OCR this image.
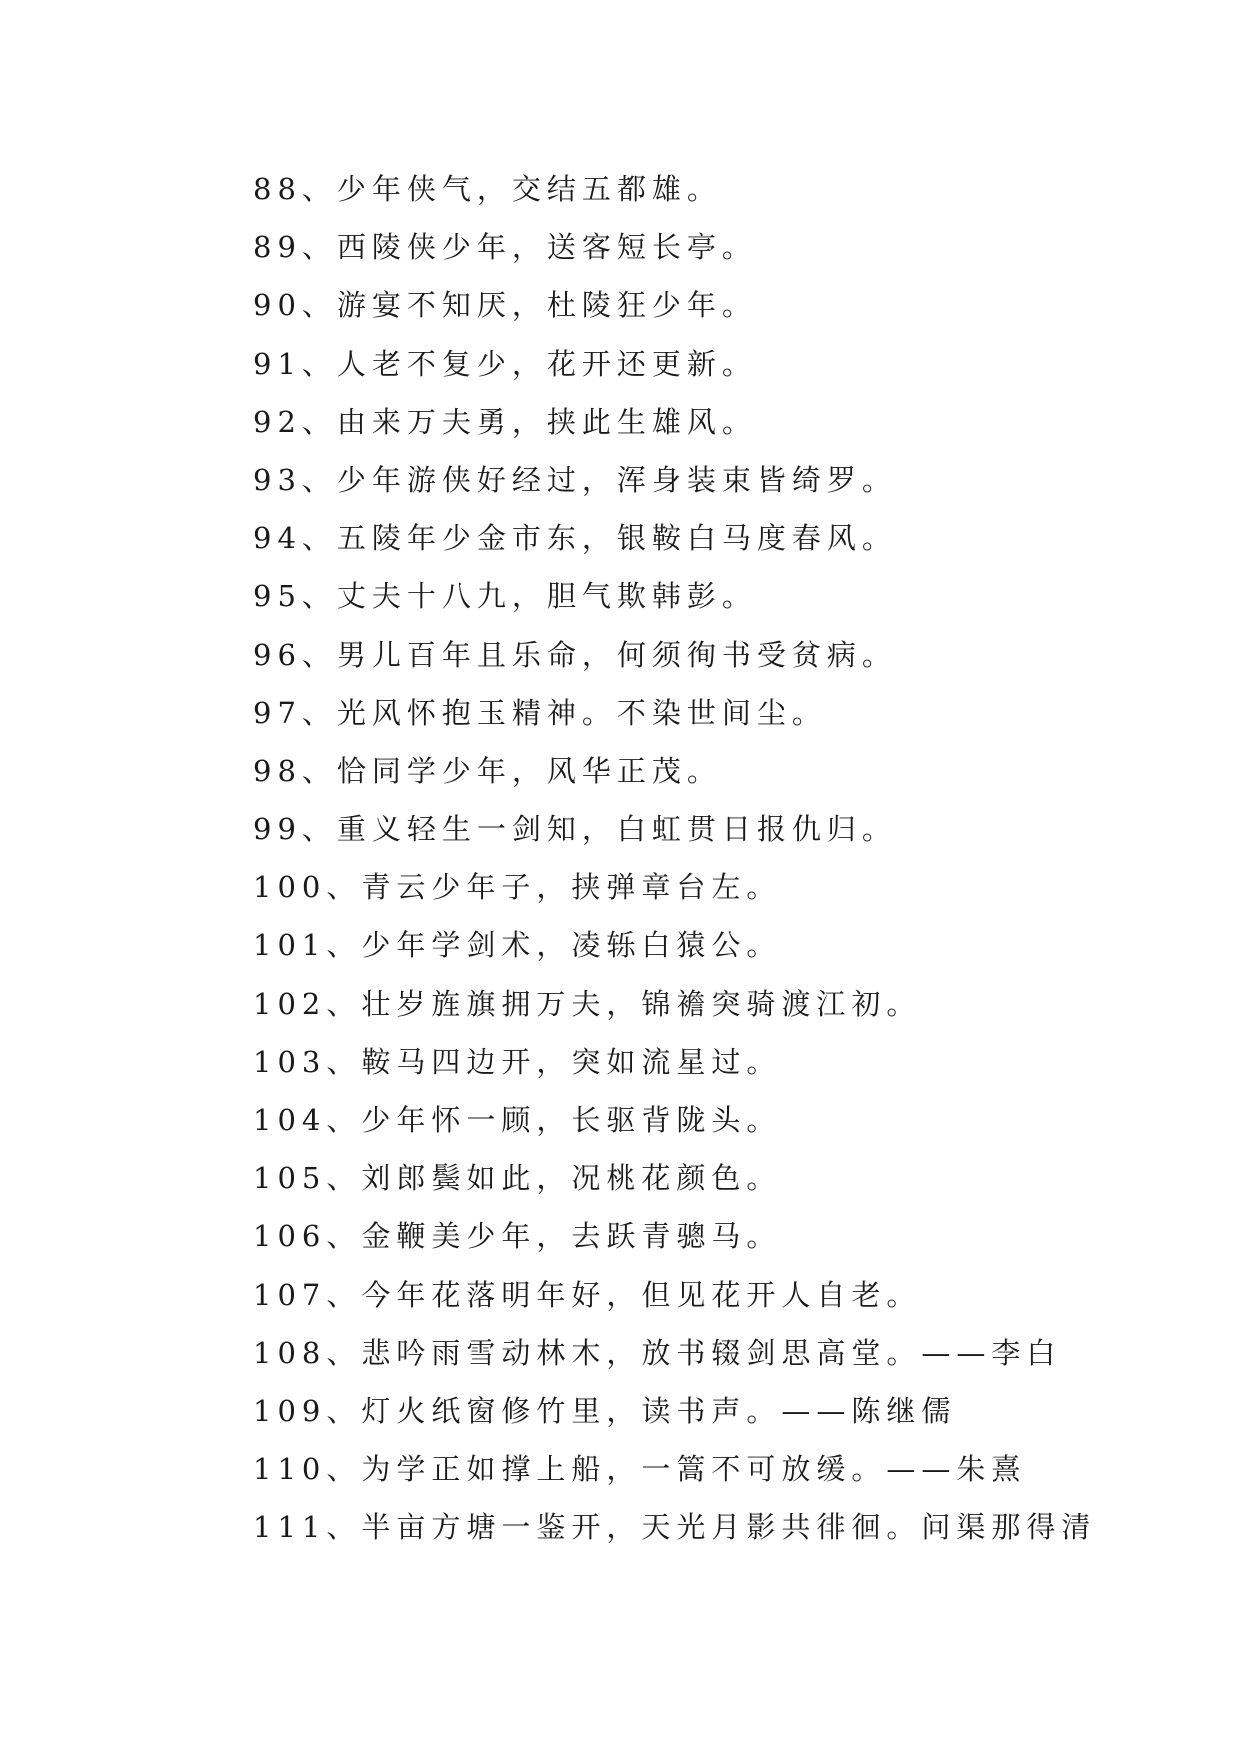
88、少年侠气，交结五都雄。
89、西陵侠少年，送客短长亭。
90、游宴不知厌，杜陵狂少年。
91、人老不复少，花开还更新。
92、由来万夫勇，挟此生雄风。
93、少年游侠好经过，浑身装束皆绮罗。
94、五陵年少金市东，银鞍白马度春风。
95、丈夫十八九，胆气欺韩彭。
96、男儿百年且乐命，何须徇书受贫病。
97、光风怀抱玉精神。不染世间尘。
98、恰同学少年，风华正茂。
99、重义轻生一剑知，白虹贯日报仇归。
100、青云少年子，挟弹章台左。
101、少年学剑术，凌轹白猿公。
102、壮岁旌旗拥万夫，锦襜突骑渡江初。
103、鞍马四边开，突如流星过。
104、少年怀一顾，长驱背陇头。
105、刘郎鬓如此，况桃花颜色。
106、金鞭美少年，去跃青骢马。
107、今年花落明年好，但见花开人自老。
108、悲吟雨雪动林木，放书辍剑思高堂。——李白
109、灯火纸窗修竹里，读书声。——陈继儒
110、为学正如撑上船，一篙不可放缓。——朱熹
111、半亩方塘一鉴开，天光月影共徘徊。问渠那得清
